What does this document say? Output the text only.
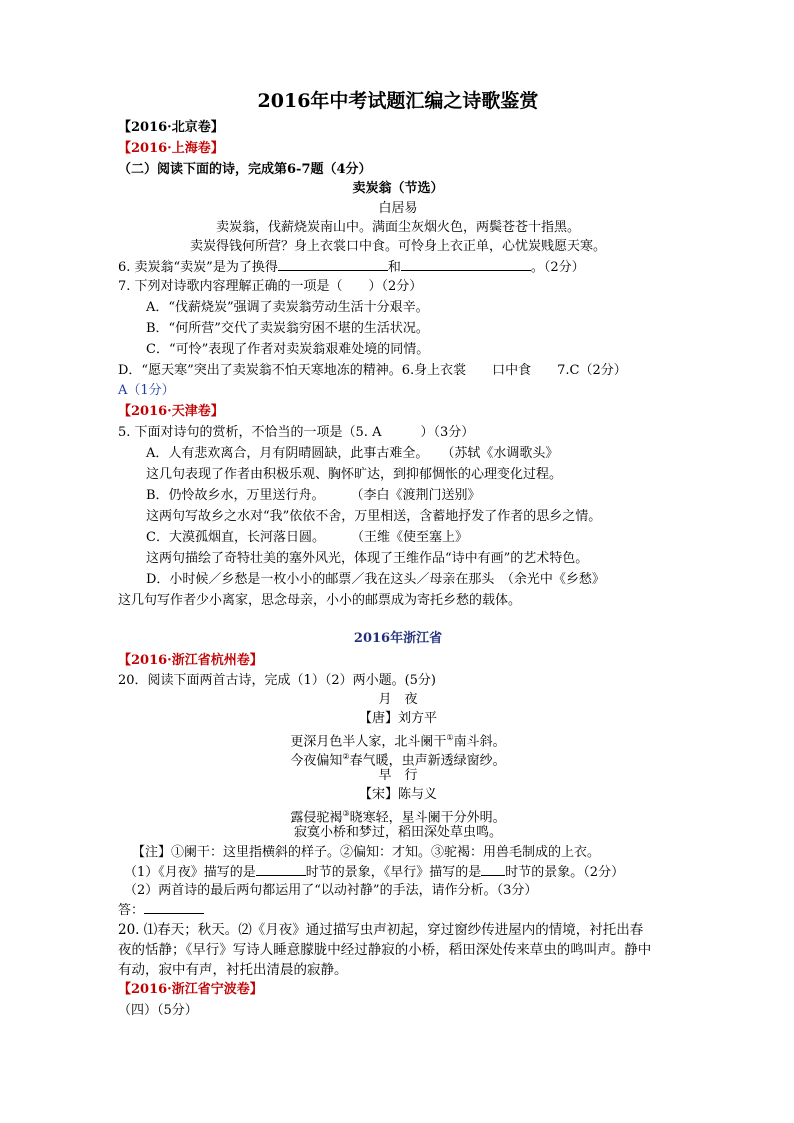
2016年中考试题汇编之诗歌鉴赏
【2016·北京卷】
【2016·上海卷】
（二）阅读下面的诗，完成第6-7题（4分）
卖炭翁（节选）
白居易
卖炭翁，伐薪烧炭南山中。满面尘灰烟火色，两鬓苍苍十指黑。
卖炭得钱何所营？身上衣裳口中食。可怜身上衣正单，心忧炭贱愿天寒。
6. 卖炭翁“卖炭”是为了换得	和	。（2分）
7. 下列对诗歌内容理解正确的一项是（　　）（2分）
A．“伐薪烧炭”强调了卖炭翁劳动生活十分艰辛。
B．“何所营”交代了卖炭翁穷困不堪的生活状况。
C．“可怜”表现了作者对卖炭翁艰难处境的同情。
D．“愿天寒”突出了卖炭翁不怕天寒地冻的精神。6.身上衣裳　　口中食　　7.C（2分）
A（1分）
【2016·天津卷】
5. 下面对诗句的赏析，不恰当的一项是（5. A　　　）（3分）
A．人有悲欢离合，月有阴晴圆缺，此事古难全。　　（苏轼《水调歌头》
这几句表现了作者由积极乐观、胸怀旷达，到抑郁惆怅的心理变化过程。
B．仍怜故乡水，万里送行舟。　　　（李白《渡荆门送别》
这两句写故乡之水对“我”依依不舍，万里相送，含蓄地抒发了作者的思乡之情。
C．大漠孤烟直，长河落日圆。　　　（王维《使至塞上》
这两句描绘了奇特壮美的塞外风光，体现了王维作品“诗中有画”的艺术特色。
D．小时候／乡愁是一枚小小的邮票／我在这头／母亲在那头　（余光中《乡愁》
这几句写作者少小离家，思念母亲，小小的邮票成为寄托乡愁的载体。
2016年浙江省
【2016·浙江省杭州卷】
20．阅读下面两首古诗，完成（1）（2）两小题。(5分)
月　夜
【唐】刘方平
更深月色半人家，北斗阑干①南斗斜。
今夜偏知②春气暖，虫声新透绿窗纱。
早　行
【宋】陈与义
露侵驼褐③晓寒轻，星斗阑干分外明。
寂寞小桥和梦过，稻田深处草虫鸣。
【注】①阑干：这里指横斜的样子。②偏知：才知。③驼褐：用兽毛制成的上衣。
（1）《月夜》描写的是	时节的景象，《早行》描写的是 时节的景象。（2分）
（2）两首诗的最后两句都运用了“以动衬静”的手法，请作分析。（3分）
答：
20. ⑴春天；秋天。⑵《月夜》通过描写虫声初起，穿过窗纱传进屋内的情境，衬托出春
夜的恬静；《早行》写诗人睡意朦胧中经过静寂的小桥，稻田深处传来草虫的鸣叫声。静中
有动，寂中有声，衬托出清晨的寂静。
【2016·浙江省宁波卷】
（四）（5分）
